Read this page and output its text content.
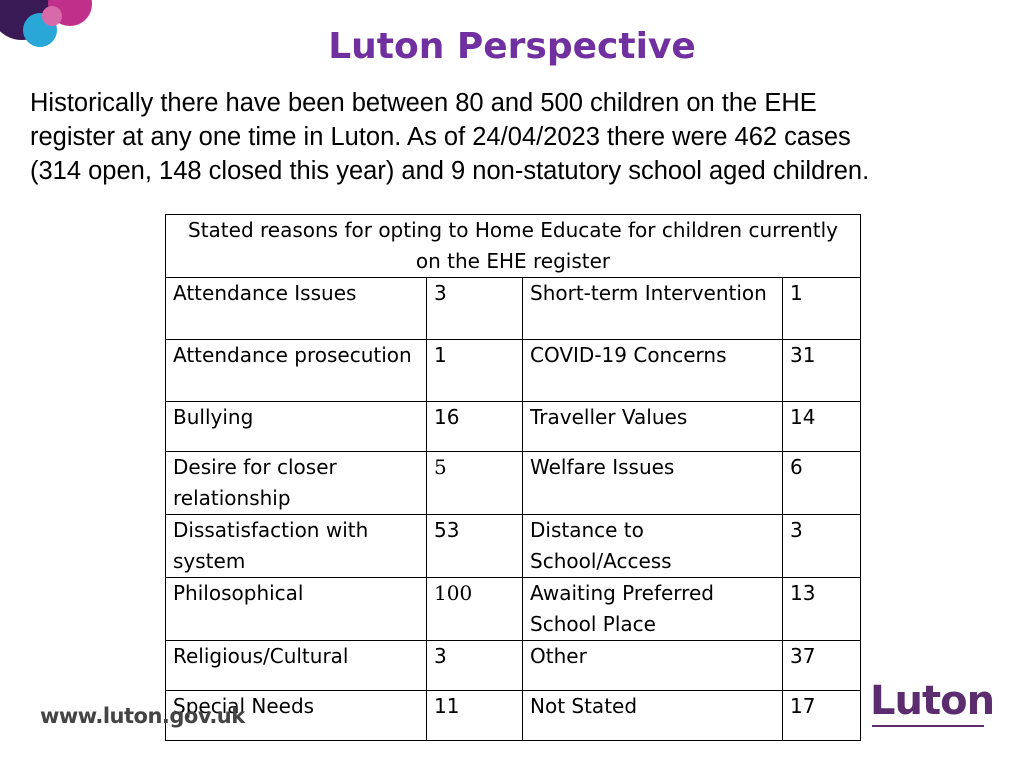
Luton Perspective
Historically there have been between 80 and 500 children on the EHE
register at any one time in Luton. As of 24/04/2023 there were 462 cases
(314 open, 148 closed this year) and 9 non-statutory school aged children.
Stated reasons for opting to Home Educate for children currently on the EHE register			
Attendance Issues	3	Short-term Intervention	1
Attendance prosecution	1	COVID-19 Concerns	31
Bullying	16	Traveller Values	14
Desire for closer relationship	5	Welfare Issues	6
Dissatisfaction with system	53	Distance to School/Access	3
Philosophical	100	Awaiting Preferred School Place	13
Religious/Cultural	3	Other	37
Special Needs	11	Not Stated	17
www.luton.gov.uk	Luton
